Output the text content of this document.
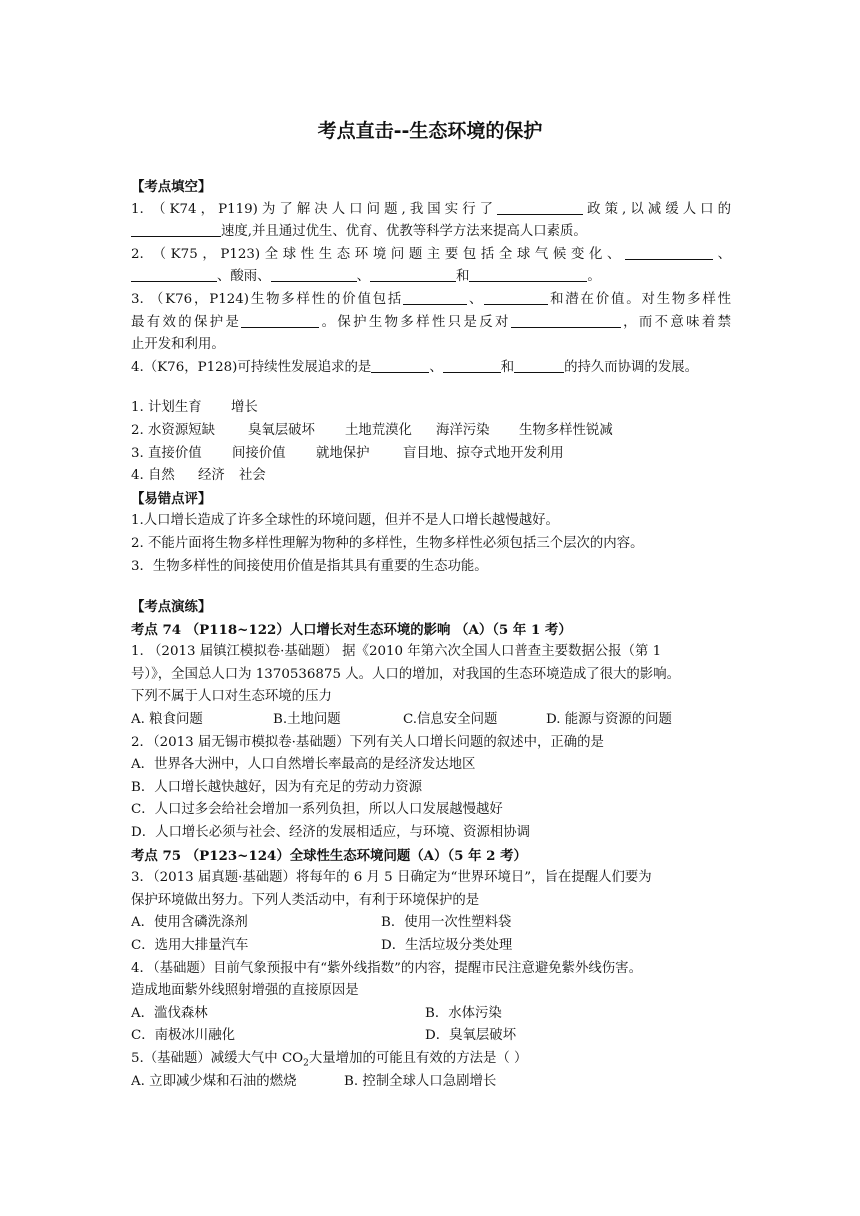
考点直击--生态环境的保护
【考点填空】
1. （K74，P119)为了解决人口问题,我国实行了	政策,以减缓人口的
速度,并且通过优生、优育、优教等科学方法来提高人口素质。
2. （K75，P123)全球性生态环境问题主要包括全球气候变化、	、
、酸雨、	、	和	。
3. （K76，P124)生物多样性的价值包括	、	和潜在价值。对生物多样性
最有效的保护是	。保护生物多样性只是反对	，而不意味着禁
止开发和利用。
4.（K76，P128)可持续性发展追求的是	、	和	的持久而协调的发展。
1. 计划生育 增长
2. 水资源短缺 臭氧层破坏 土地荒漠化 海洋污染 生物多样性锐减
3. 直接价值 间接价值 就地保护 盲目地、掠夺式地开发利用
4. 自然 经济 社会
【易错点评】
1.人口增长造成了许多全球性的环境问题，但并不是人口增长越慢越好。
2. 不能片面将生物多样性理解为物种的多样性，生物多样性必须包括三个层次的内容。
3．生物多样性的间接使用价值是指其具有重要的生态功能。
【考点演练】
考点 74 （P118~122）人口增长对生态环境的影响 （A）（5 年 1 考）
1. （2013 届镇江模拟卷·基础题） 据《2010 年第六次全国人口普查主要数据公报（第 1
号）》，全国总人口为 1370536875 人。人口的增加，对我国的生态环境造成了很大的影响。
下列不属于人口对生态环境的压力
A. 粮食问题	B.土地问题	C.信息安全问题	D. 能源与资源的问题
2．（2013 届无锡市模拟卷·基础题）下列有关人口增长问题的叙述中，正确的是
A．世界各大洲中，人口自然增长率最高的是经济发达地区
B．人口增长越快越好，因为有充足的劳动力资源
C．人口过多会给社会增加一系列负担，所以人口发展越慢越好
D．人口增长必须与社会、经济的发展相适应，与环境、资源相协调
考点 75 （P123~124）全球性生态环境问题（A）（5 年 2 考）
3．（2013 届真题·基础题）将每年的 6 月 5 日确定为“世界环境日”，旨在提醒人们要为
保护环境做出努力。下列人类活动中，有利于环境保护的是
A．使用含磷洗涤剂	B．使用一次性塑料袋
C．选用大排量汽车	D．生活垃圾分类处理
4．（基础题）目前气象预报中有“紫外线指数”的内容，提醒市民注意避免紫外线伤害。
造成地面紫外线照射增强的直接原因是
A．滥伐森林	B．水体污染
C．南极冰川融化	D．臭氧层破坏
5.（基础题）减缓大气中 $CO_2$大量增加的可能且有效的方法是（ ）
A. 立即减少煤和石油的燃烧	B. 控制全球人口急剧增长
